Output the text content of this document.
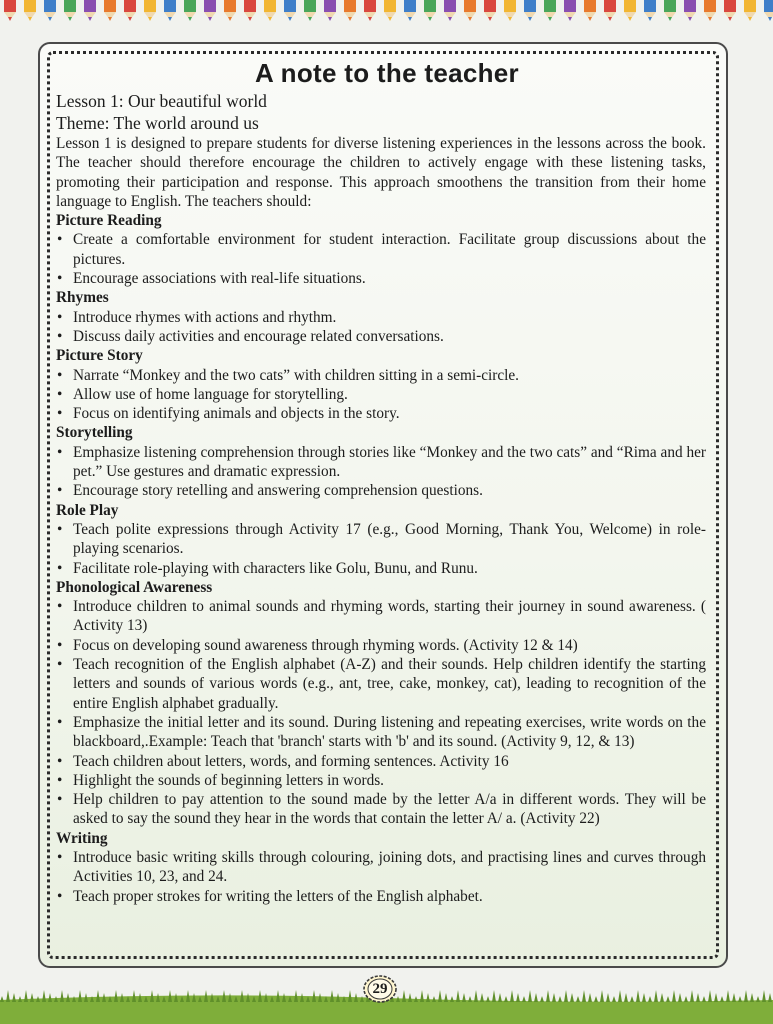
A note to the teacher

Lesson 1: Our beautiful world

Theme: The world around us

Lesson 1 is designed to prepare students for diverse listening experiences in the lessons across the book. The teacher should therefore encourage the children to actively engage with these listening tasks, promoting their participation and response. This approach smoothens the transition from their home language to English. The teachers should:

Picture Reading

• Create a comfortable environment for student interaction. Facilitate group discussions about the pictures.
• Encourage associations with real-life situations.

Rhymes

• Introduce rhymes with actions and rhythm.
• Discuss daily activities and encourage related conversations.

Picture Story

• Narrate “Monkey and the two cats” with children sitting in a semi-circle.
• Allow use of home language for storytelling.
• Focus on identifying animals and objects in the story.

Storytelling

• Emphasize listening comprehension through stories like “Monkey and the two cats” and “Rima and her pet.” Use gestures and dramatic expression.
• Encourage story retelling and answering comprehension questions.

Role Play

• Teach polite expressions through Activity 17 (e.g., Good Morning, Thank You, Welcome) in role-playing scenarios.
• Facilitate role-playing with characters like Golu, Bunu, and Runu.

Phonological Awareness

• Introduce children to animal sounds and rhyming words, starting their journey in sound awareness. ( Activity 13)
• Focus on developing sound awareness through rhyming words. (Activity 12 & 14)
• Teach recognition of the English alphabet (A-Z) and their sounds. Help children identify the starting letters and sounds of various words (e.g., ant, tree, cake, monkey, cat), leading to recognition of the entire English alphabet gradually.
• Emphasize the initial letter and its sound. During listening and repeating exercises, write words on the blackboard,.Example: Teach that 'branch' starts with 'b' and its sound. (Activity 9, 12, & 13)
• Teach children about letters, words, and forming sentences. Activity 16
• Highlight the sounds of beginning letters in words.
• Help children to pay attention to the sound made by the letter A/a in different words. They will be asked to say the sound they hear in the words that contain the letter A/ a. (Activity 22)

Writing

• Introduce basic writing skills through colouring, joining dots, and practising lines and curves through Activities 10, 23, and 24.
• Teach proper strokes for writing the letters of the English alphabet.
29
